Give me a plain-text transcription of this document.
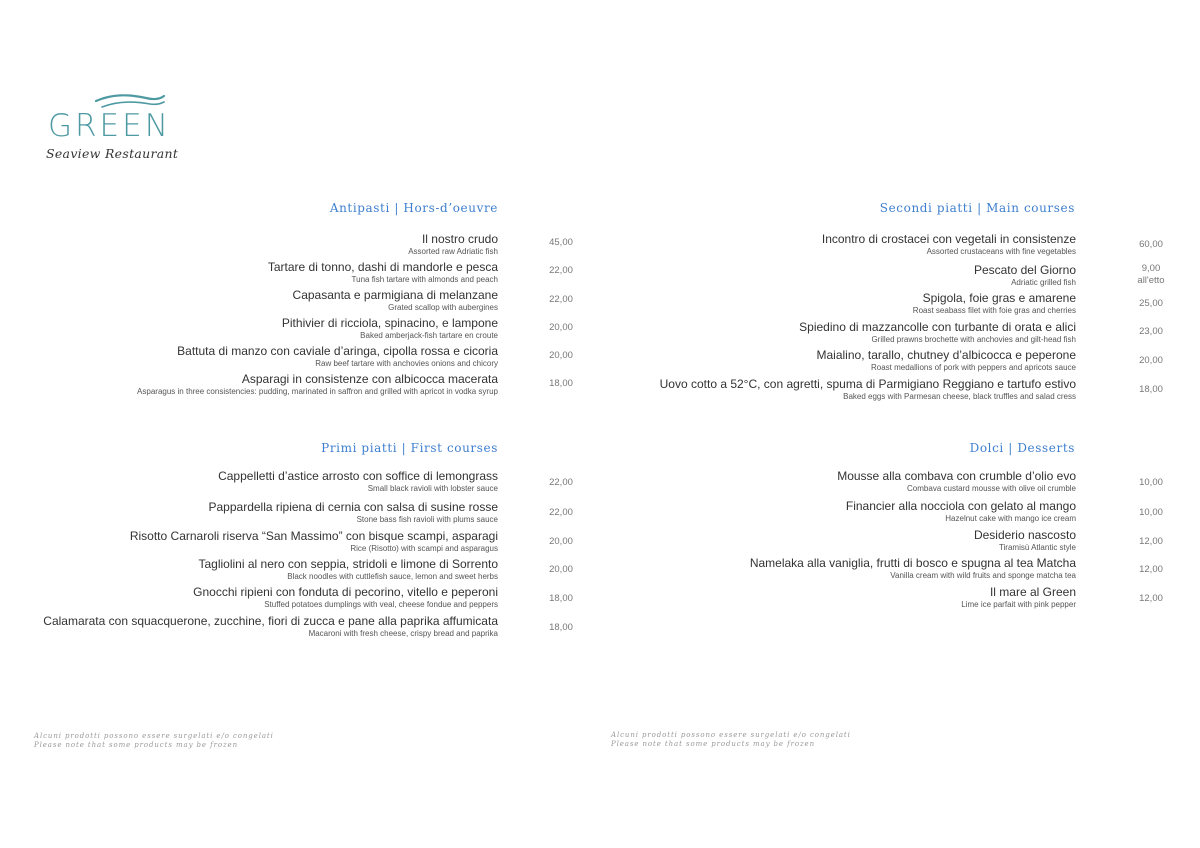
GREEN
Seaview Restaurant
Antipasti | Hors-d’oeuvre
Il nostro crudo
Assorted raw Adriatic fish
45,00
Tartare di tonno, dashi di mandorle e pesca
Tuna fish tartare with almonds and peach
22,00
Capasanta e parmigiana di melanzane
Grated scallop with aubergines
22,00
Pithivier di ricciola, spinacino, e lampone
Baked amberjack-fish tartare en croute
20,00
Battuta di manzo con caviale d’aringa, cipolla rossa e cicoria
Raw beef tartare with anchovies onions and chicory
20,00
Asparagi in consistenze con albicocca macerata
Asparagus in three consistencies: pudding, marinated in saffron and grilled with apricot in vodka syrup
18,00
Primi piatti | First courses
Cappelletti d’astice arrosto con soffice di lemongrass
Small black ravioli with lobster sauce
22,00
Pappardella ripiena di cernia con salsa di susine rosse
Stone bass fish ravioli with plums sauce
22,00
Risotto Carnaroli riserva “San Massimo” con bisque scampi, asparagi
Rice (Risotto) with scampi and asparagus
20,00
Tagliolini al nero con seppia, stridoli e limone di Sorrento
Black noodles with cuttlefish sauce, lemon and sweet herbs
20,00
Gnocchi ripieni con fonduta di pecorino, vitello e peperoni
Stuffed potatoes dumplings with veal, cheese fondue and peppers
18,00
Calamarata con squacquerone, zucchine, fiori di zucca e pane alla paprika affumicata
Macaroni with fresh cheese, crispy bread and paprika
18,00
Secondi piatti | Main courses
Incontro di crostacei con vegetali in consistenze
Assorted crustaceans with fine vegetables
60,00
Pescato del Giorno
Adriatic grilled fish
9,00
all'etto
Spigola, foie gras e amarene
Roast seabass filet with foie gras and cherries
25,00
Spiedino di mazzancolle con turbante di orata e alici
Grilled prawns brochette with anchovies and gilt-head fish
23,00
Maialino, tarallo, chutney d’albicocca e peperone
Roast medallions of pork with peppers and apricots sauce
20,00
Uovo cotto a 52°C, con agretti, spuma di Parmigiano Reggiano e tartufo estivo
Baked eggs with Parmesan cheese, black truffles and salad cress
18,00
Dolci | Desserts
Mousse alla combava con crumble d’olio evo
Combava custard mousse with olive oil crumble
10,00
Financier alla nocciola con gelato al mango
Hazelnut cake with mango ice cream
10,00
Desiderio nascosto
Tiramisù Atlantic style
12,00
Namelaka alla vaniglia, frutti di bosco e spugna al tea Matcha
Vanilla cream with wild fruits and sponge matcha tea
12,00
Il mare al Green
Lime ice parfait with pink pepper
12,00
Alcuni prodotti possono essere surgelati e/o congelati
Please note that some products may be frozen
Alcuni prodotti possono essere surgelati e/o congelati
Please note that some products may be frozen
